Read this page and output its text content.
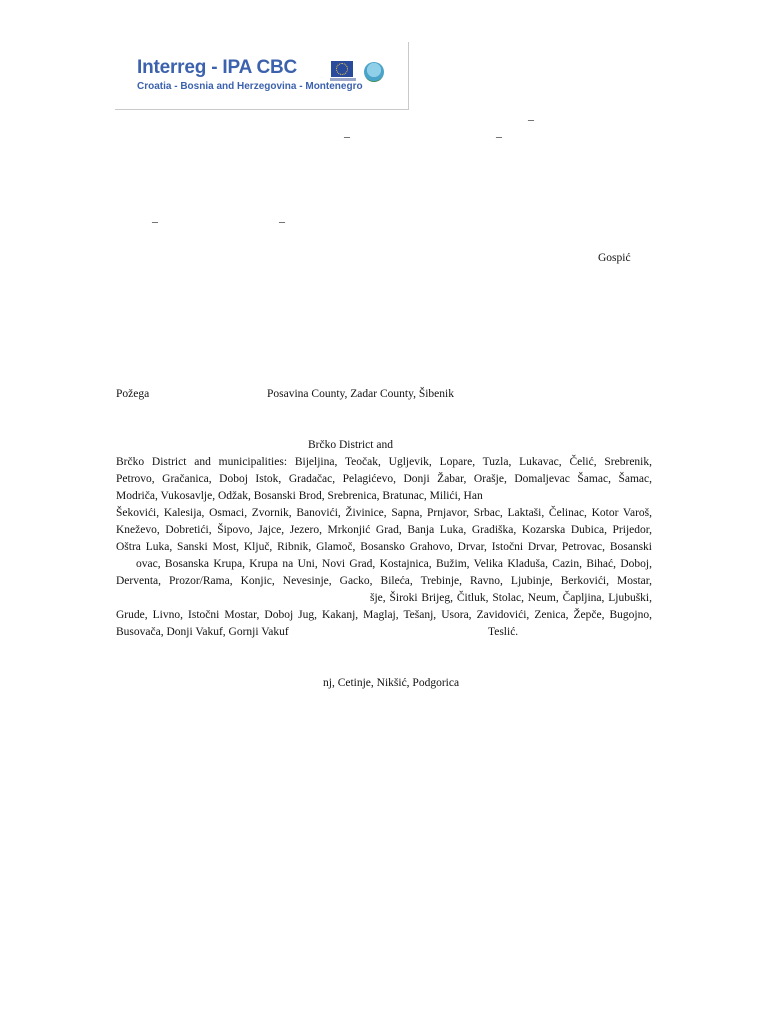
Interreg - IPA CBC
Croatia - Bosnia and Herzegovina - Montenegro
–
–	–
–	–
Gospić
Požega	Posavina County, Zadar County, Šibenik
Brčko District and
Brčko District and municipalities: Bijeljina, Teočak, Ugljevik, Lopare, Tuzla, Lukavac, Čelić, Srebrenik,
Petrovo, Gračanica, Doboj Istok, Gradačac, Pelagićevo, Donji Žabar, Orašje, Domaljevac Šamac, Šamac,
Modriča, Vukosavlje, Odžak, Bosanski Brod, Srebrenica, Bratunac, Milići, Han
Šekovići, Kalesija, Osmaci, Zvornik, Banovići, Živinice, Sapna, Prnjavor, Srbac, Laktaši, Čelinac, Kotor Varoš,
Kneževo, Dobretići, Šipovo, Jajce, Jezero, Mrkonjić Grad, Banja Luka, Gradiška, Kozarska Dubica, Prijedor,
Oštra Luka, Sanski Most, Ključ, Ribnik, Glamoč, Bosansko Grahovo, Drvar, Istočni Drvar, Petrovac, Bosanski
ovac, Bosanska Krupa, Krupa na Uni, Novi Grad, Kostajnica, Bužim, Velika Kladuša, Cazin, Bihać, Doboj,
Derventa, Prozor/Rama, Konjic, Nevesinje, Gacko, Bileća, Trebinje, Ravno, Ljubinje, Berkovići, Mostar,
šje, Široki Brijeg, Čitluk, Stolac, Neum, Čapljina, Ljubuški,
Grude, Livno, Istočni Mostar, Doboj Jug, Kakanj, Maglaj, Tešanj, Usora, Zavidovići, Zenica, Žepče, Bugojno,
Busovača, Donji Vakuf, Gornji Vakuf	Teslić.
nj, Cetinje, Nikšić, Podgorica
